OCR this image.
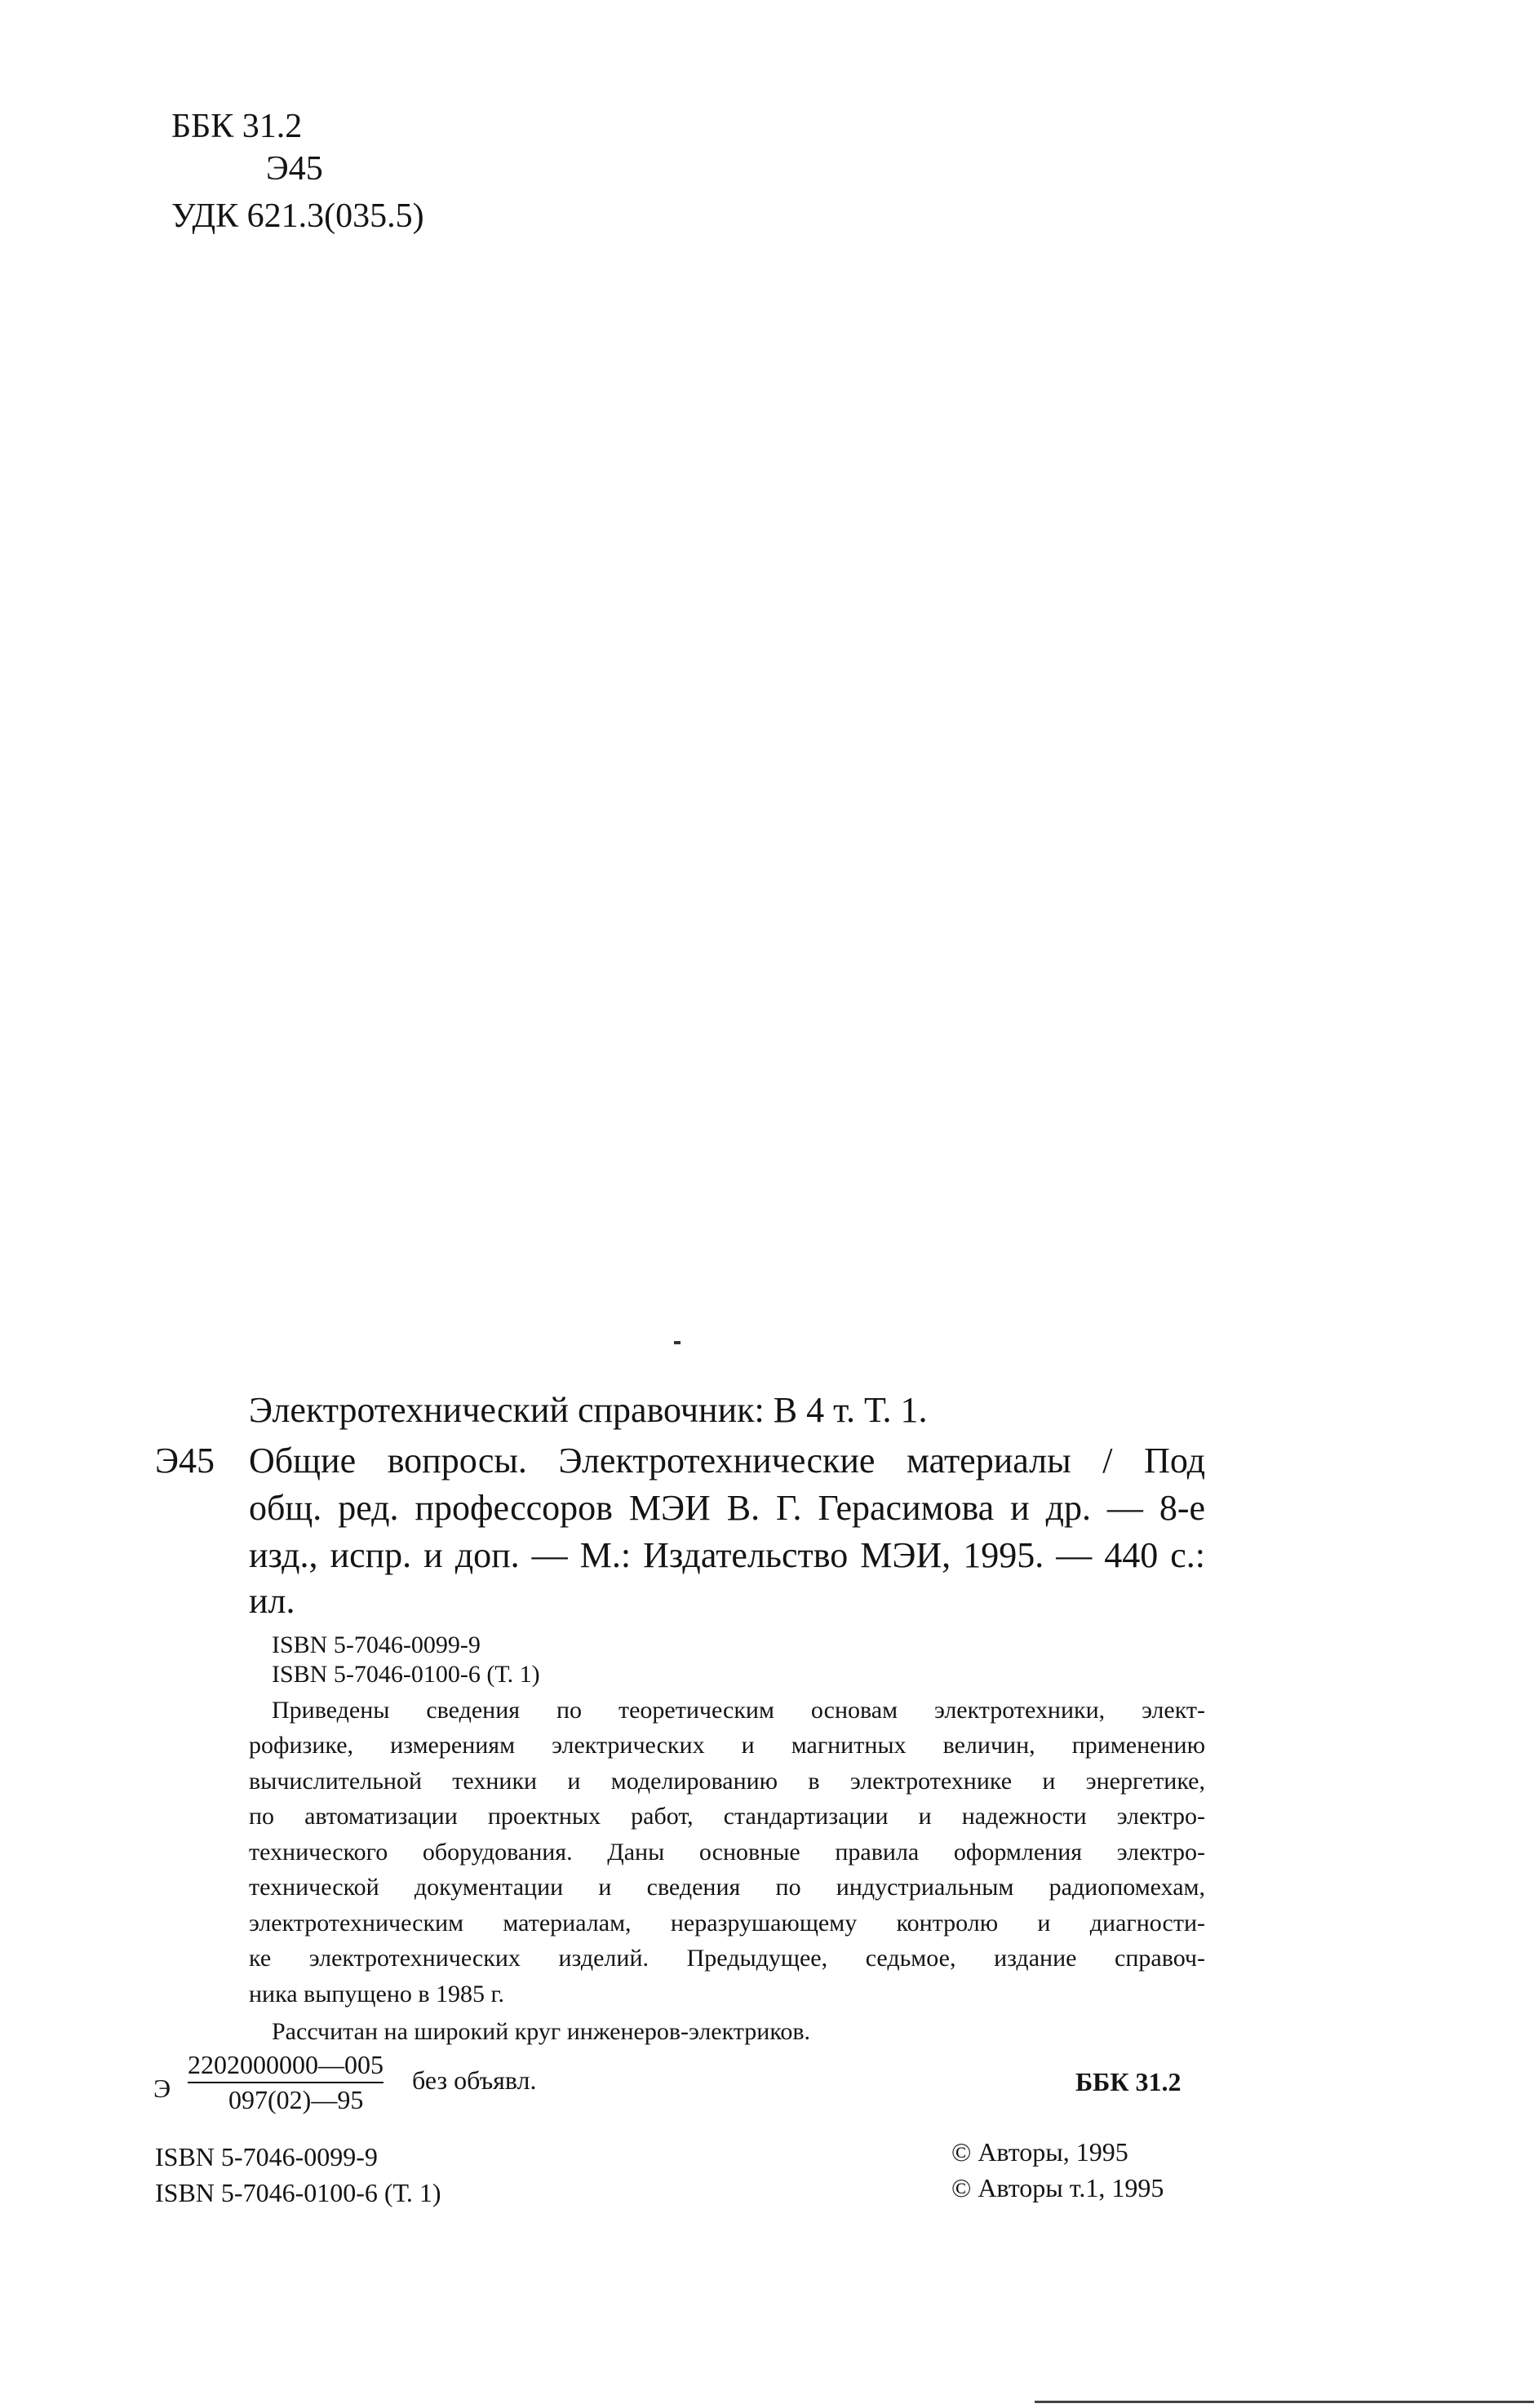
ББК 31.2
Э45
УДК 621.3(035.5)
Электротехнический справочник: В 4 т. Т. 1.
Э45 Общие вопросы. Электротехнические материалы / Под
общ. ред. профессоров МЭИ В. Г. Герасимова и др. — 8-е
изд., испр. и доп. — М.: Издательство МЭИ, 1995. — 440 с.:
ил.
ISBN 5-7046-0099-9
ISBN 5-7046-0100-6 (Т. 1)
Приведены сведения по теоретическим основам электротехники, элект-
рофизике, измерениям электрических и магнитных величин, применению
вычислительной техники и моделированию в электротехнике и энергетике,
по автоматизации проектных работ, стандартизации и надежности электро-
технического оборудования. Даны основные правила оформления электро-
технической документации и сведения по индустриальным радиопомехам,
электротехническим материалам, неразрушающему контролю и диагности-
ке электротехнических изделий. Предыдущее, седьмое, издание справоч-
ника выпущено в 1985 г.
Рассчитан на широкий круг инженеров-электриков.
Э $\frac{2202000000—005}{097(02)—95}$ без объявл.	ББК 31.2
ISBN 5-7046-0099-9
ISBN 5-7046-0100-6 (Т. 1)
© Авторы, 1995
© Авторы т.1, 1995
